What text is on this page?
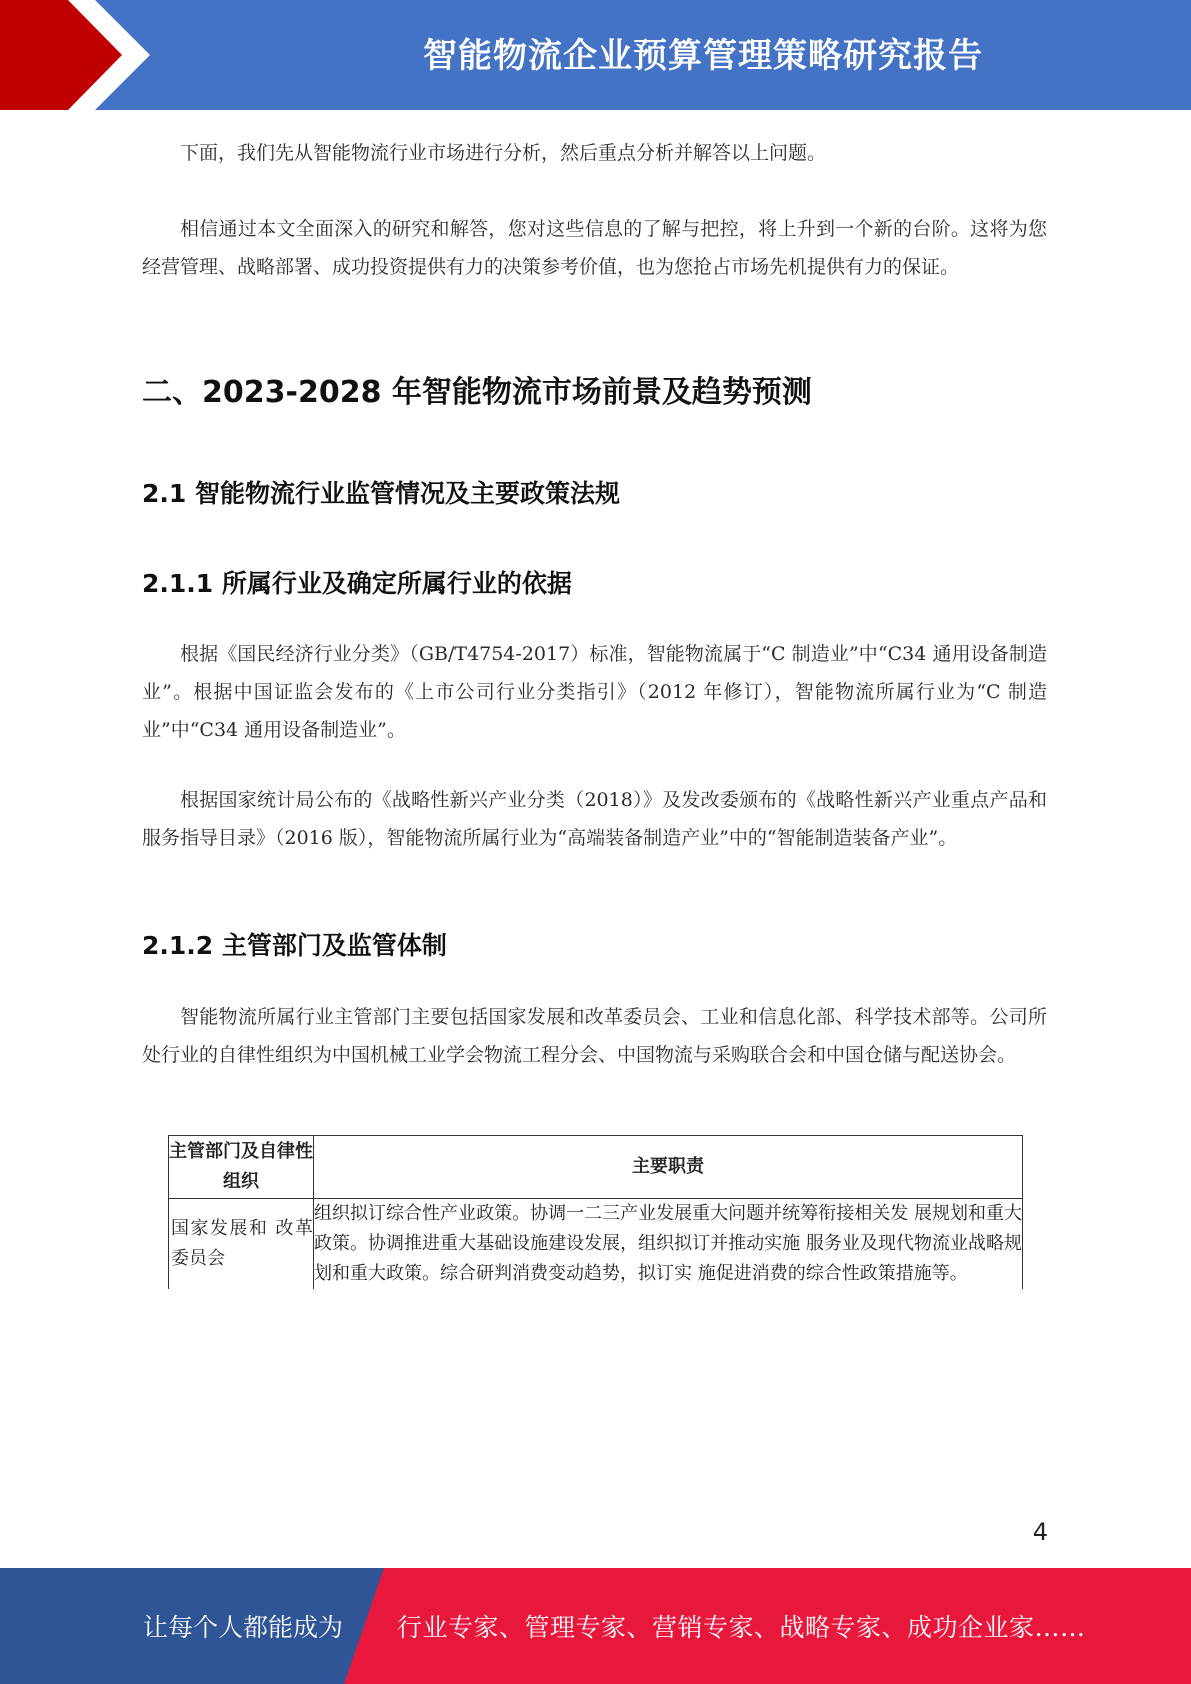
智能物流企业预算管理策略研究报告

下面，我们先从智能物流行业市场进行分析，然后重点分析并解答以上问题。

相信通过本文全面深入的研究和解答，您对这些信息的了解与把控，将上升到一个新的台阶。这将为您经营管理、战略部署、成功投资提供有力的决策参考价值，也为您抢占市场先机提供有力的保证。

二、2023-2028 年智能物流市场前景及趋势预测
2.1 智能物流行业监管情况及主要政策法规
2.1.1 所属行业及确定所属行业的依据

根据《国民经济行业分类》（GB/T4754-2017）标准，智能物流属于“C 制造业”中“C34 通用设备制造业”。根据中国证监会发布的《上市公司行业分类指引》（2012 年修订），智能物流所属行业为“C 制造业”中“C34 通用设备制造业”。

根据国家统计局公布的《战略性新兴产业分类（2018）》及发改委颁布的《战略性新兴产业重点产品和服务指导目录》（2016 版），智能物流所属行业为“高端装备制造产业”中的“智能制造装备产业”。

2.1.2 主管部门及监管体制

智能物流所属行业主管部门主要包括国家发展和改革委员会、工业和信息化部、科学技术部等。公司所处行业的自律性组织为中国机械工业学会物流工程分会、中国物流与采购联合会和中国仓储与配送协会。

主管部门及自律性组织	主要职责
国家发展和 改革委员会	组织拟订综合性产业政策。协调一二三产业发展重大问题并统筹衔接相关发 展规划和重大政策。协调推进重大基础设施建设发展，组织拟订并推动实施 服务业及现代物流业战略规划和重大政策。综合研判消费变动趋势，拟订实 施促进消费的综合性政策措施等。
4
让每个人都能成为 行业专家、管理专家、营销专家、战略专家、成功企业家……
